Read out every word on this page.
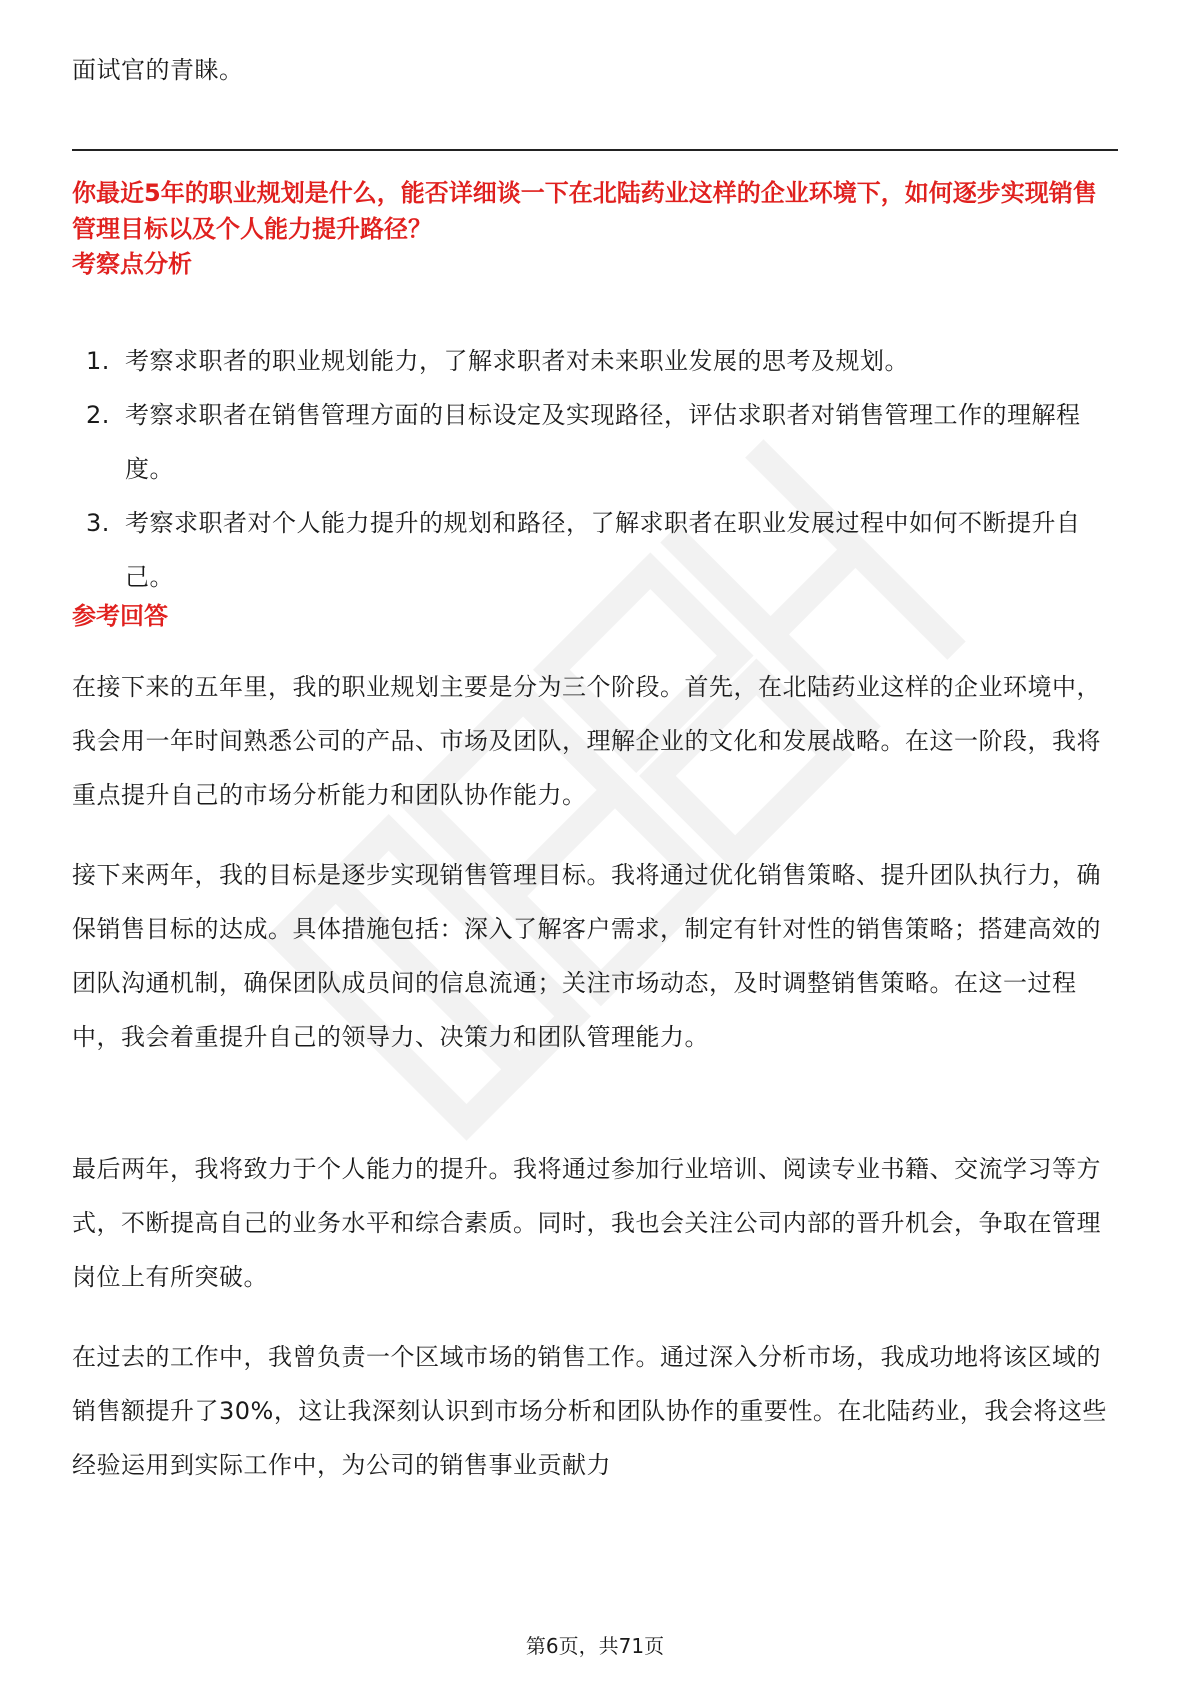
面试官的青睐。

你最近5年的职业规划是什么，能否详细谈一下在北陆药业这样的企业环境下，如何逐步实现销售管理目标以及个人能力提升路径？

考察点分析

1. 考察求职者的职业规划能力，了解求职者对未来职业发展的思考及规划。
2. 考察求职者在销售管理方面的目标设定及实现路径，评估求职者对销售管理工作的理解程度。
3. 考察求职者对个人能力提升的规划和路径，了解求职者在职业发展过程中如何不断提升自己。

参考回答

在接下来的五年里，我的职业规划主要是分为三个阶段。首先，在北陆药业这样的企业环境中，我会用一年时间熟悉公司的产品、市场及团队，理解企业的文化和发展战略。在这一阶段，我将重点提升自己的市场分析能力和团队协作能力。

接下来两年，我的目标是逐步实现销售管理目标。我将通过优化销售策略、提升团队执行力，确保销售目标的达成。具体措施包括：深入了解客户需求，制定有针对性的销售策略；搭建高效的团队沟通机制，确保团队成员间的信息流通；关注市场动态，及时调整销售策略。在这一过程中，我会着重提升自己的领导力、决策力和团队管理能力。

最后两年，我将致力于个人能力的提升。我将通过参加行业培训、阅读专业书籍、交流学习等方式，不断提高自己的业务水平和综合素质。同时，我也会关注公司内部的晋升机会，争取在管理岗位上有所突破。

在过去的工作中，我曾负责一个区域市场的销售工作。通过深入分析市场，我成功地将该区域的销售额提升了30%，这让我深刻认识到市场分析和团队协作的重要性。在北陆药业，我会将这些经验运用到实际工作中，为公司的销售事业贡献力

第6页，共71页
